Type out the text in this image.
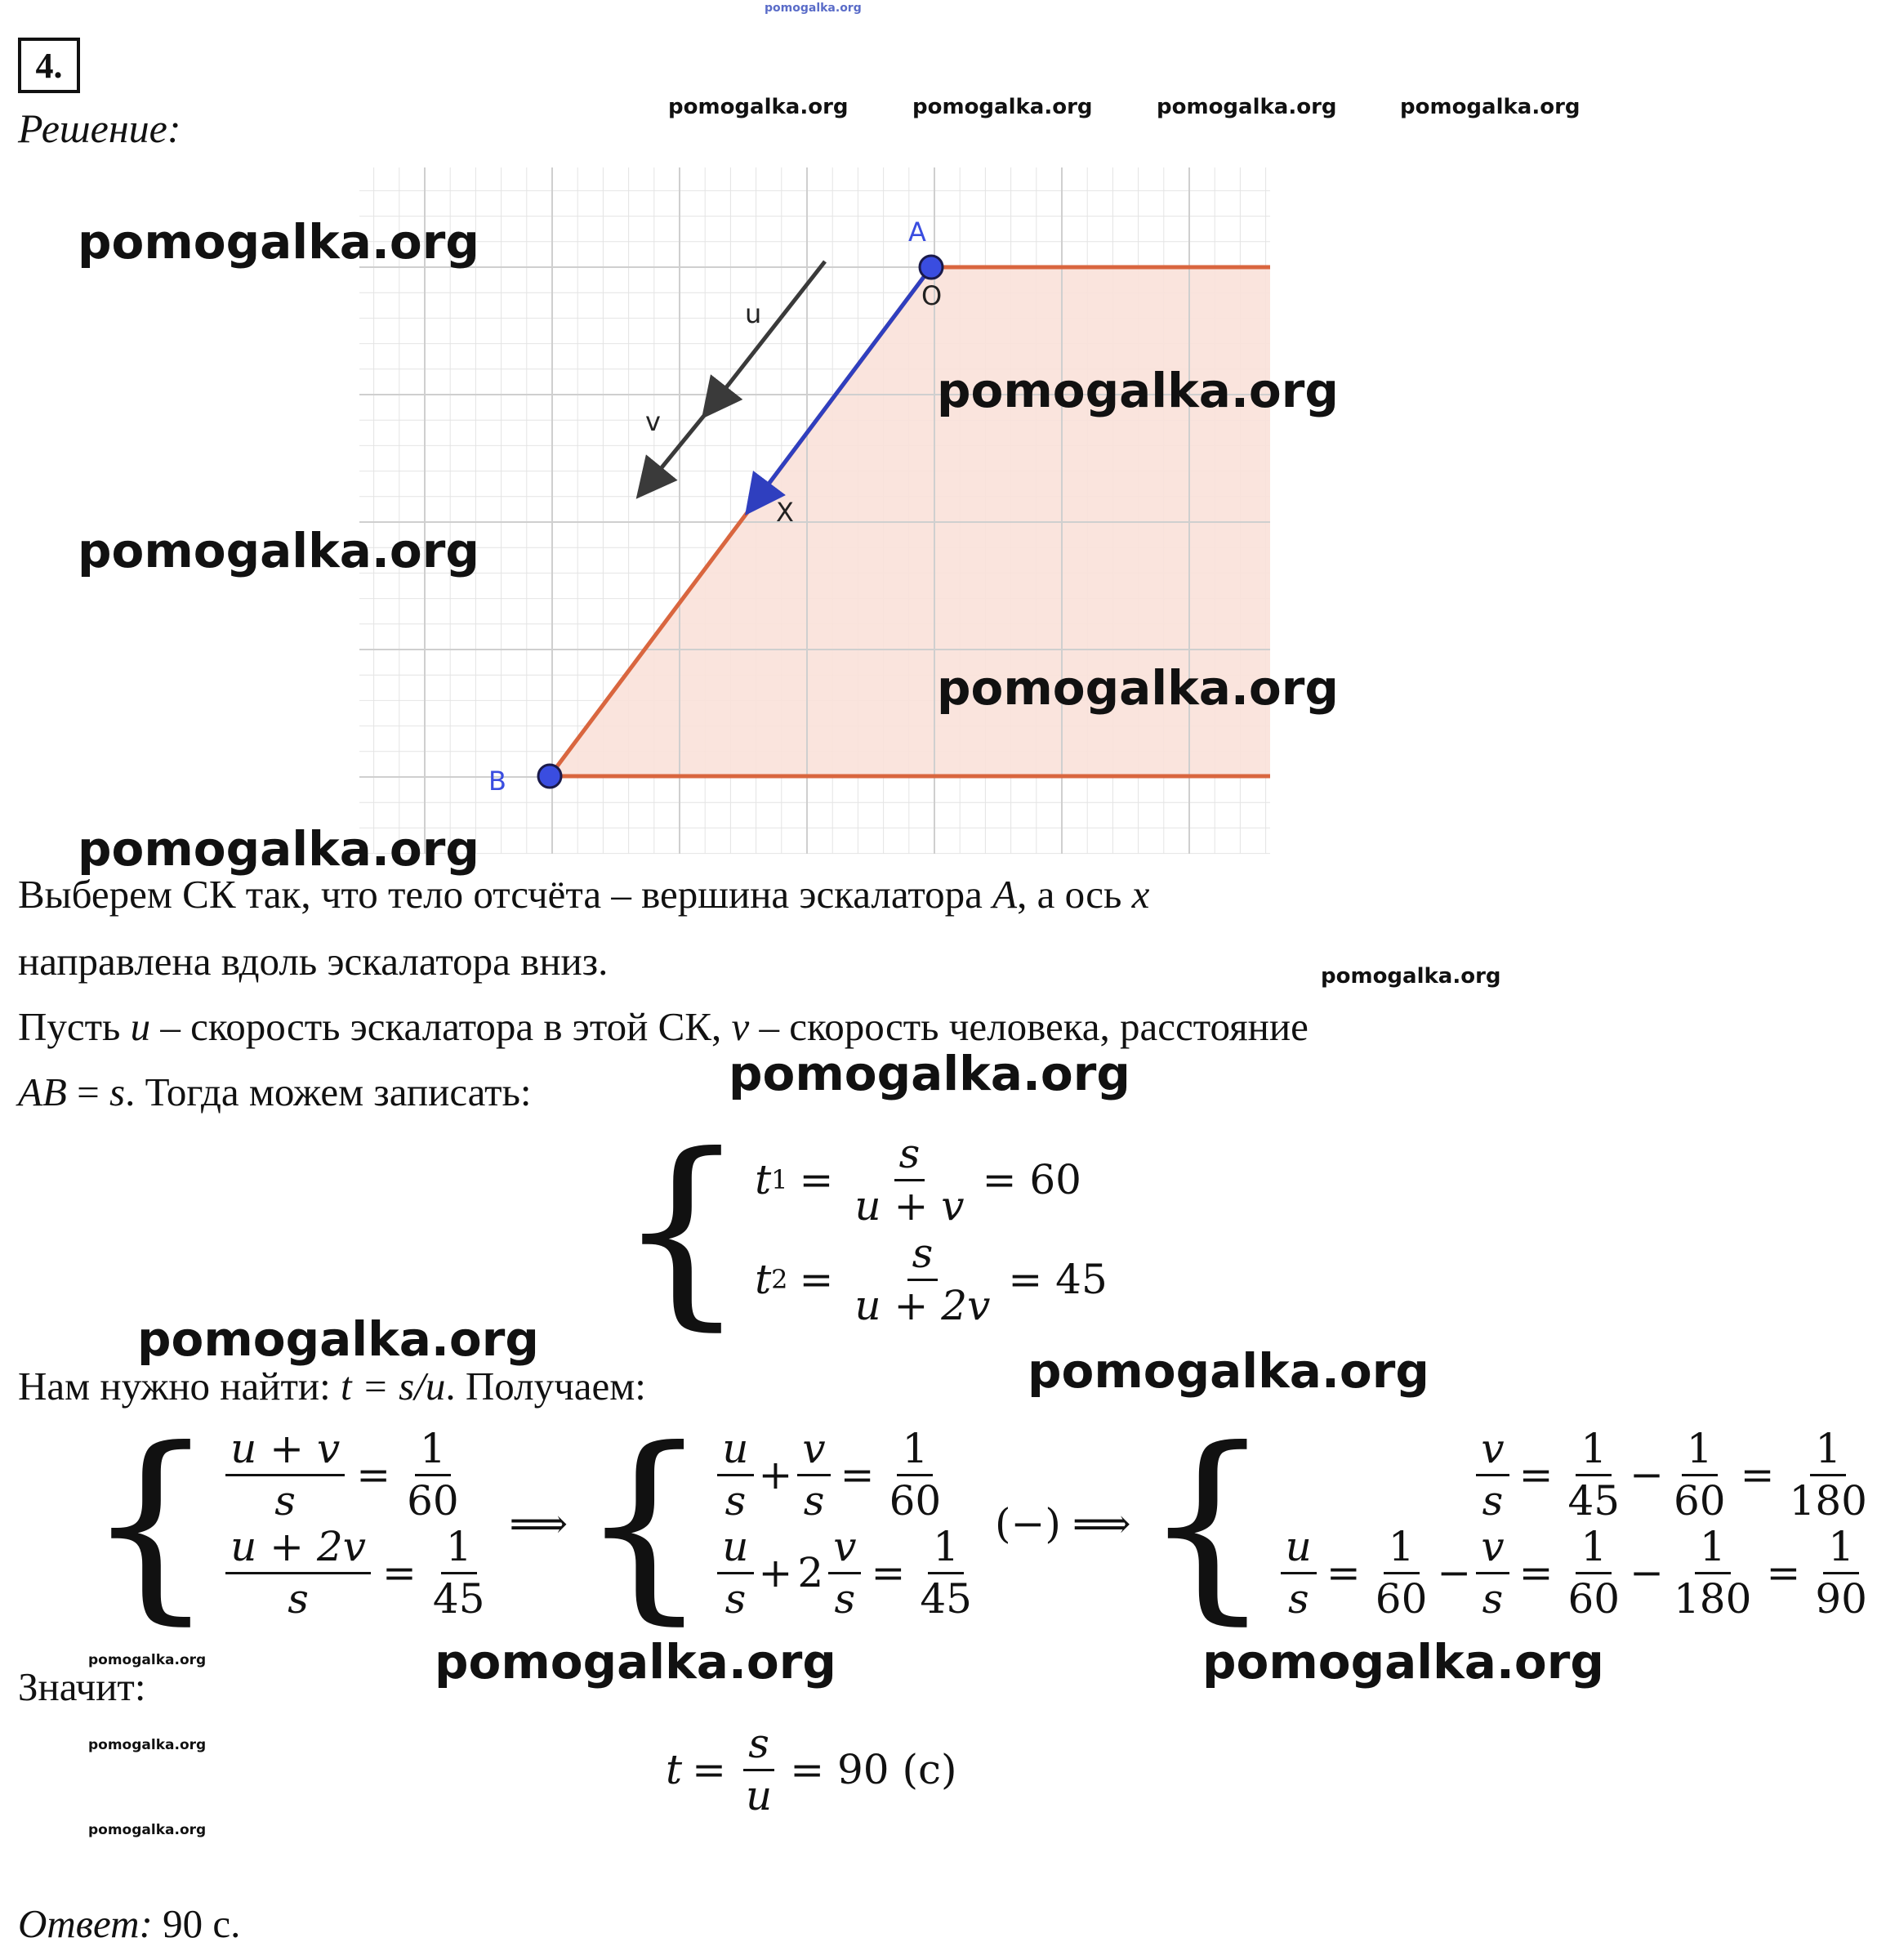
4.
Решение:
pomogalka.org
pomogalka.org	pomogalka.org	pomogalka.org	pomogalka.org
A
O
B
X
u
v
pomogalka.org
pomogalka.org
pomogalka.org
pomogalka.org
pomogalka.org
Выберем СК так, что тело отсчёта – вершина эскалатора A, а ось x
направлена вдоль эскалатора вниз.	pomogalka.org
Пусть u – скорость эскалатора в этой СК, v – скорость человека, расстояние
AB = s. Тогда можем записать:	pomogalka.org
{ t $1 = \frac{s}{u + v} = 60$
t $2 = \frac{s}{u + 2v} = 45$
pomogalka.org
Нам нужно найти: t = s/u. Получаем:	pomogalka.org
{ $\frac{u + v}{s} = \frac{1}{60}$
$\frac{u + 2v}{s} = \frac{1}{45}$
⟹ { $\frac{u}{s} + \frac{v}{s} = \frac{1}{60}$
$\frac{u}{s} + 2 \frac{v}{s} = \frac{1}{45}$
(−) ⟹ {	$\frac{v}{s} = \frac{1}{45} - \frac{1}{60} = \frac{1}{180}$
$\frac{u}{s} = \frac{1}{60} - \frac{v}{s} = \frac{1}{60} - \frac{1}{180} = \frac{1}{90}$
pomogalka.org	pomogalka.org	pomogalka.org
Значит:
pomogalka.org
pomogalka.org
$t = \frac{s}{u} = 90$ (с)
Ответ: 90 с.
